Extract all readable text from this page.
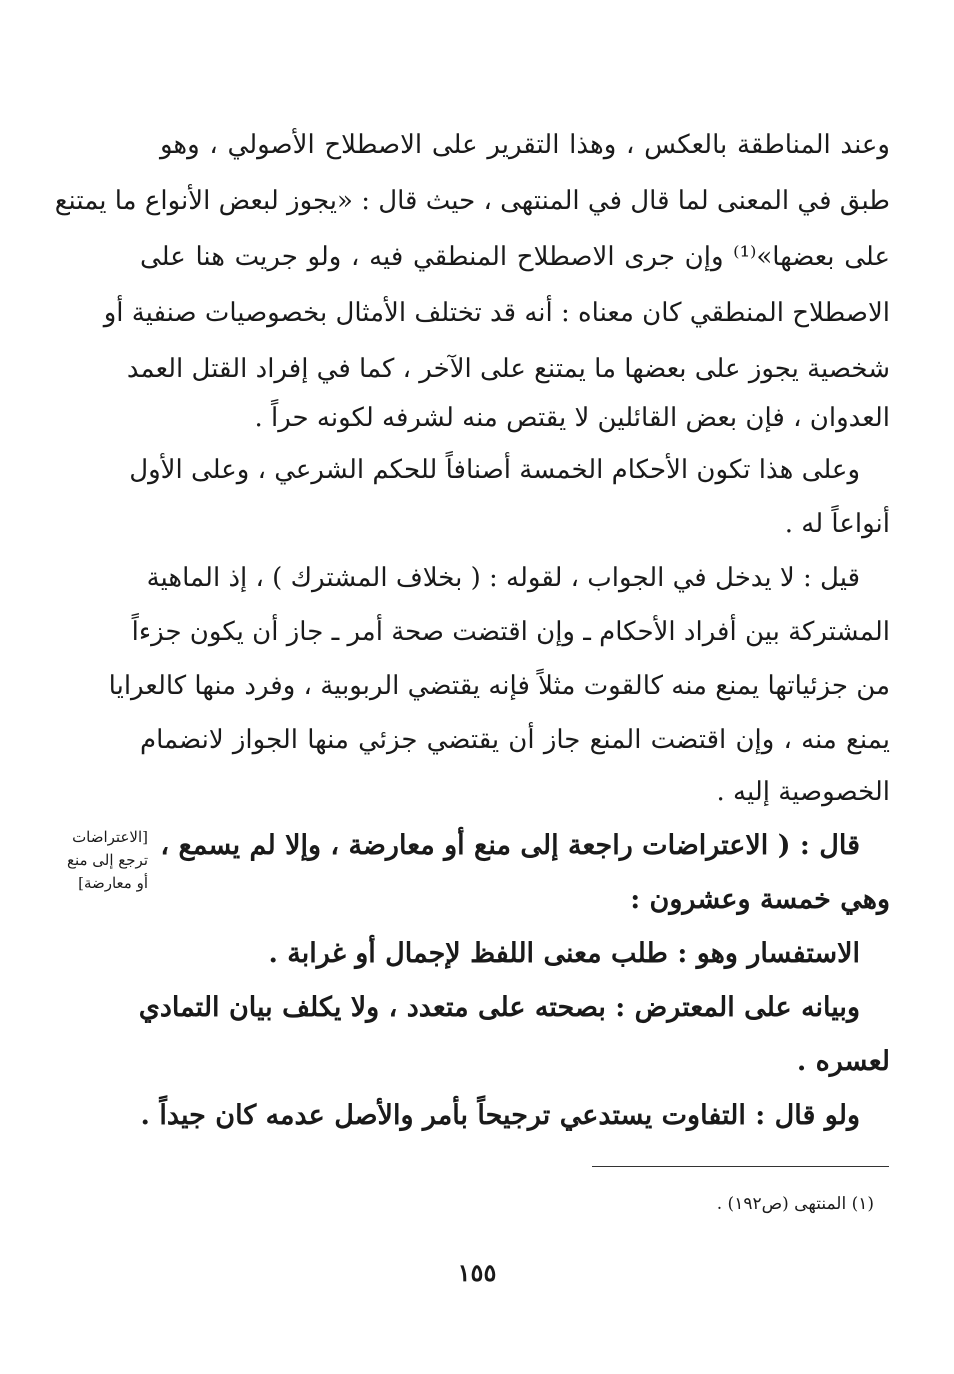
وعند المناطقة بالعكس ، وهذا التقرير على الاصطلاح الأصولي ، وهو
طبق في المعنى لما قال في المنتهى ، حيث قال : «يجوز لبعض الأنواع ما يمتنع
على بعضها»⁽¹⁾ وإن جرى الاصطلاح المنطقي فيه ، ولو جريت هنا على
الاصطلاح المنطقي كان معناه : أنه قد تختلف الأمثال بخصوصيات صنفية أو
شخصية يجوز على بعضها ما يمتنع على الآخر ، كما في إفراد القتل العمد
العدوان ، فإن بعض القائلين لا يقتص منه لشرفه لكونه حراً .
وعلى هذا تكون الأحكام الخمسة أصنافاً للحكم الشرعي ، وعلى الأول
أنواعاً له .
قيل : لا يدخل في الجواب ، لقوله : ( بخلاف المشترك ) ، إذ الماهية
المشتركة بين أفراد الأحكام ـ وإن اقتضت صحة أمر ـ جاز أن يكون جزءاً
من جزئياتها يمنع منه كالقوت مثلاً فإنه يقتضي الربوبية ، وفرد منها كالعرايا
يمنع منه ، وإن اقتضت المنع جاز أن يقتضي جزئي منها الجواز لانضمام
الخصوصية إليه .
قال : ( الاعتراضات راجعة إلى منع أو معارضة ، وإلا لم يسمع ،
وهي خمسة وعشرون :
الاستفسار وهو : طلب معنى اللفظ لإجمال أو غرابة .
وبيانه على المعترض : بصحته على متعدد ، ولا يكلف بيان التمادي
لعسره .
ولو قال : التفاوت يستدعي ترجيحاً بأمر والأصل عدمه كان جيداً .
[الاعتراضات
ترجع إلى منع
أو معارضة]
(١) المنتهى (ص١٩٢) .
١٥٥
